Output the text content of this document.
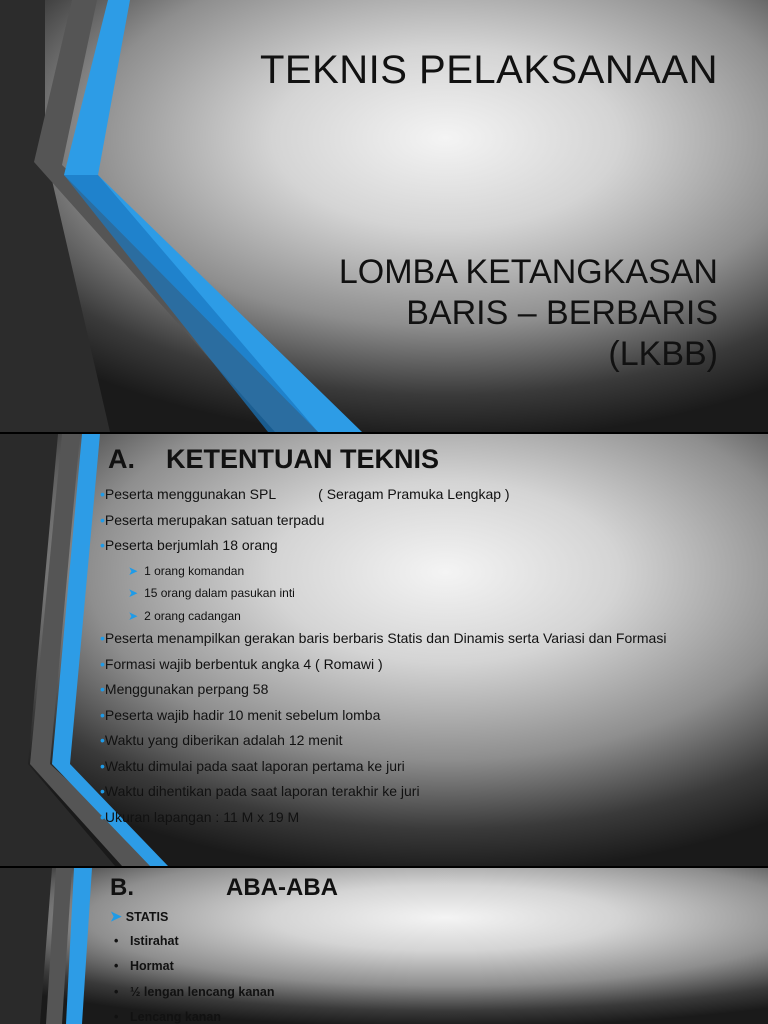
TEKNIS PELAKSANAAN
LOMBA KETANGKASAN
BARIS – BERBARIS
(LKBB)
A. KETENTUAN TEKNIS
•Peserta menggunakan SPL	( Seragam Pramuka Lengkap )
•Peserta merupakan satuan terpadu
•Peserta berjumlah 18 orang
➤ 1 orang komandan
➤ 15 orang dalam pasukan inti
➤ 2 orang cadangan
•Peserta menampilkan gerakan baris berbaris Statis dan Dinamis serta Variasi dan Formasi
•Formasi wajib berbentuk angka 4 ( Romawi )
•Menggunakan perpang 58
•Peserta wajib hadir 10 menit sebelum lomba
•Waktu yang diberikan adalah 12 menit
•Waktu dimulai pada saat laporan pertama ke juri
•Waktu dihentikan pada saat laporan terakhir ke juri
•Ukuran lapangan : 11 M x 19 M
B.	ABA-ABA
➤ STATIS
• Istirahat
• Hormat
• ½ lengan lencang kanan
• Lencang kanan
